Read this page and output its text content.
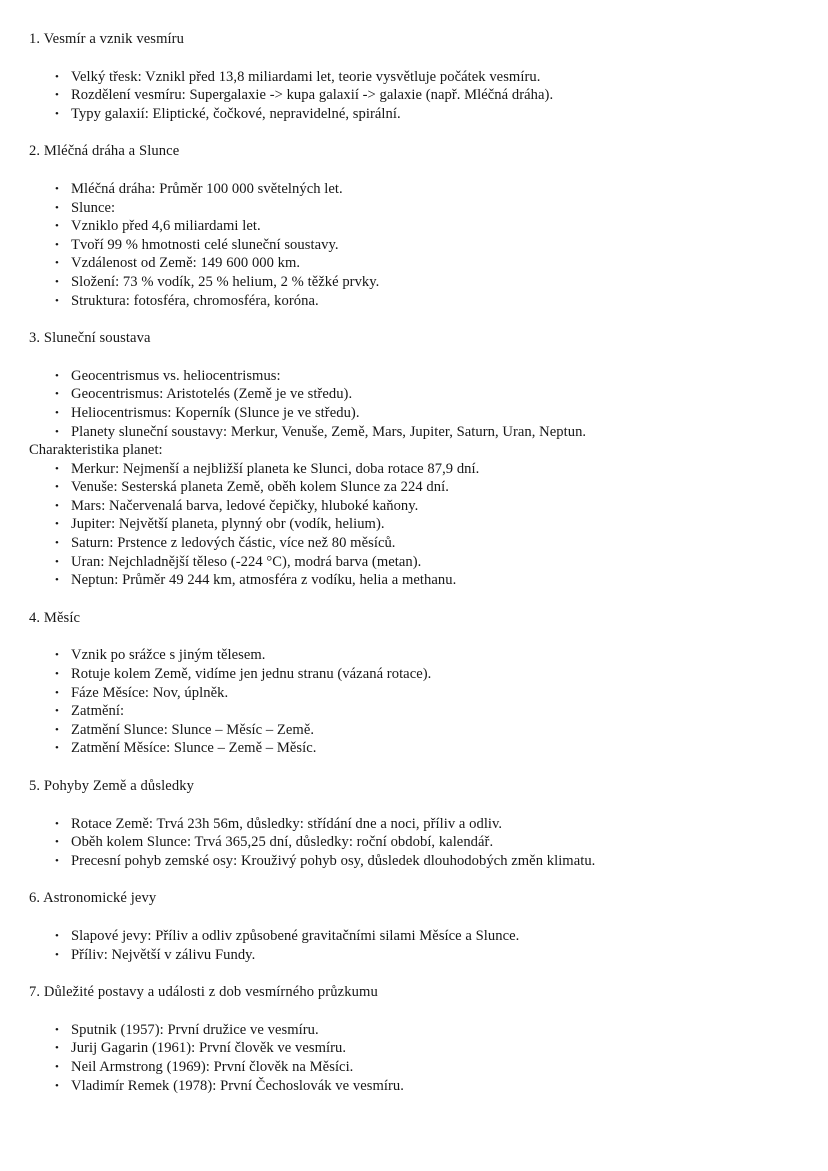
1. Vesmír a vznik vesmíru
• Velký třesk: Vznikl před 13,8 miliardami let, teorie vysvětluje počátek vesmíru.
• Rozdělení vesmíru: Supergalaxie -> kupa galaxií -> galaxie (např. Mléčná dráha).
• Typy galaxií: Eliptické, čočkové, nepravidelné, spirální.
2. Mléčná dráha a Slunce
• Mléčná dráha: Průměr 100 000 světelných let.
• Slunce:
• Vzniklo před 4,6 miliardami let.
• Tvoří 99 % hmotnosti celé sluneční soustavy.
• Vzdálenost od Země: 149 600 000 km.
• Složení: 73 % vodík, 25 % helium, 2 % těžké prvky.
• Struktura: fotosféra, chromosféra, koróna.
3. Sluneční soustava
• Geocentrismus vs. heliocentrismus:
• Geocentrismus: Aristotelés (Země je ve středu).
• Heliocentrismus: Koperník (Slunce je ve středu).
• Planety sluneční soustavy: Merkur, Venuše, Země, Mars, Jupiter, Saturn, Uran, Neptun.
Charakteristika planet:
• Merkur: Nejmenší a nejbližší planeta ke Slunci, doba rotace 87,9 dní.
• Venuše: Sesterská planeta Země, oběh kolem Slunce za 224 dní.
• Mars: Načervenalá barva, ledové čepičky, hluboké kaňony.
• Jupiter: Největší planeta, plynný obr (vodík, helium).
• Saturn: Prstence z ledových částic, více než 80 měsíců.
• Uran: Nejchladnější těleso (-224 °C), modrá barva (metan).
• Neptun: Průměr 49 244 km, atmosféra z vodíku, helia a methanu.
4. Měsíc
• Vznik po srážce s jiným tělesem.
• Rotuje kolem Země, vidíme jen jednu stranu (vázaná rotace).
• Fáze Měsíce: Nov, úplněk.
• Zatmění:
• Zatmění Slunce: Slunce – Měsíc – Země.
• Zatmění Měsíce: Slunce – Země – Měsíc.
5. Pohyby Země a důsledky
• Rotace Země: Trvá 23h 56m, důsledky: střídání dne a noci, příliv a odliv.
• Oběh kolem Slunce: Trvá 365,25 dní, důsledky: roční období, kalendář.
• Precesní pohyb zemské osy: Krouživý pohyb osy, důsledek dlouhodobých změn klimatu.
6. Astronomické jevy
• Slapové jevy: Příliv a odliv způsobené gravitačními silami Měsíce a Slunce.
• Příliv: Největší v zálivu Fundy.
7. Důležité postavy a události z dob vesmírného průzkumu
• Sputnik (1957): První družice ve vesmíru.
• Jurij Gagarin (1961): První člověk ve vesmíru.
• Neil Armstrong (1969): První člověk na Měsíci.
• Vladimír Remek (1978): První Čechoslovák ve vesmíru.
